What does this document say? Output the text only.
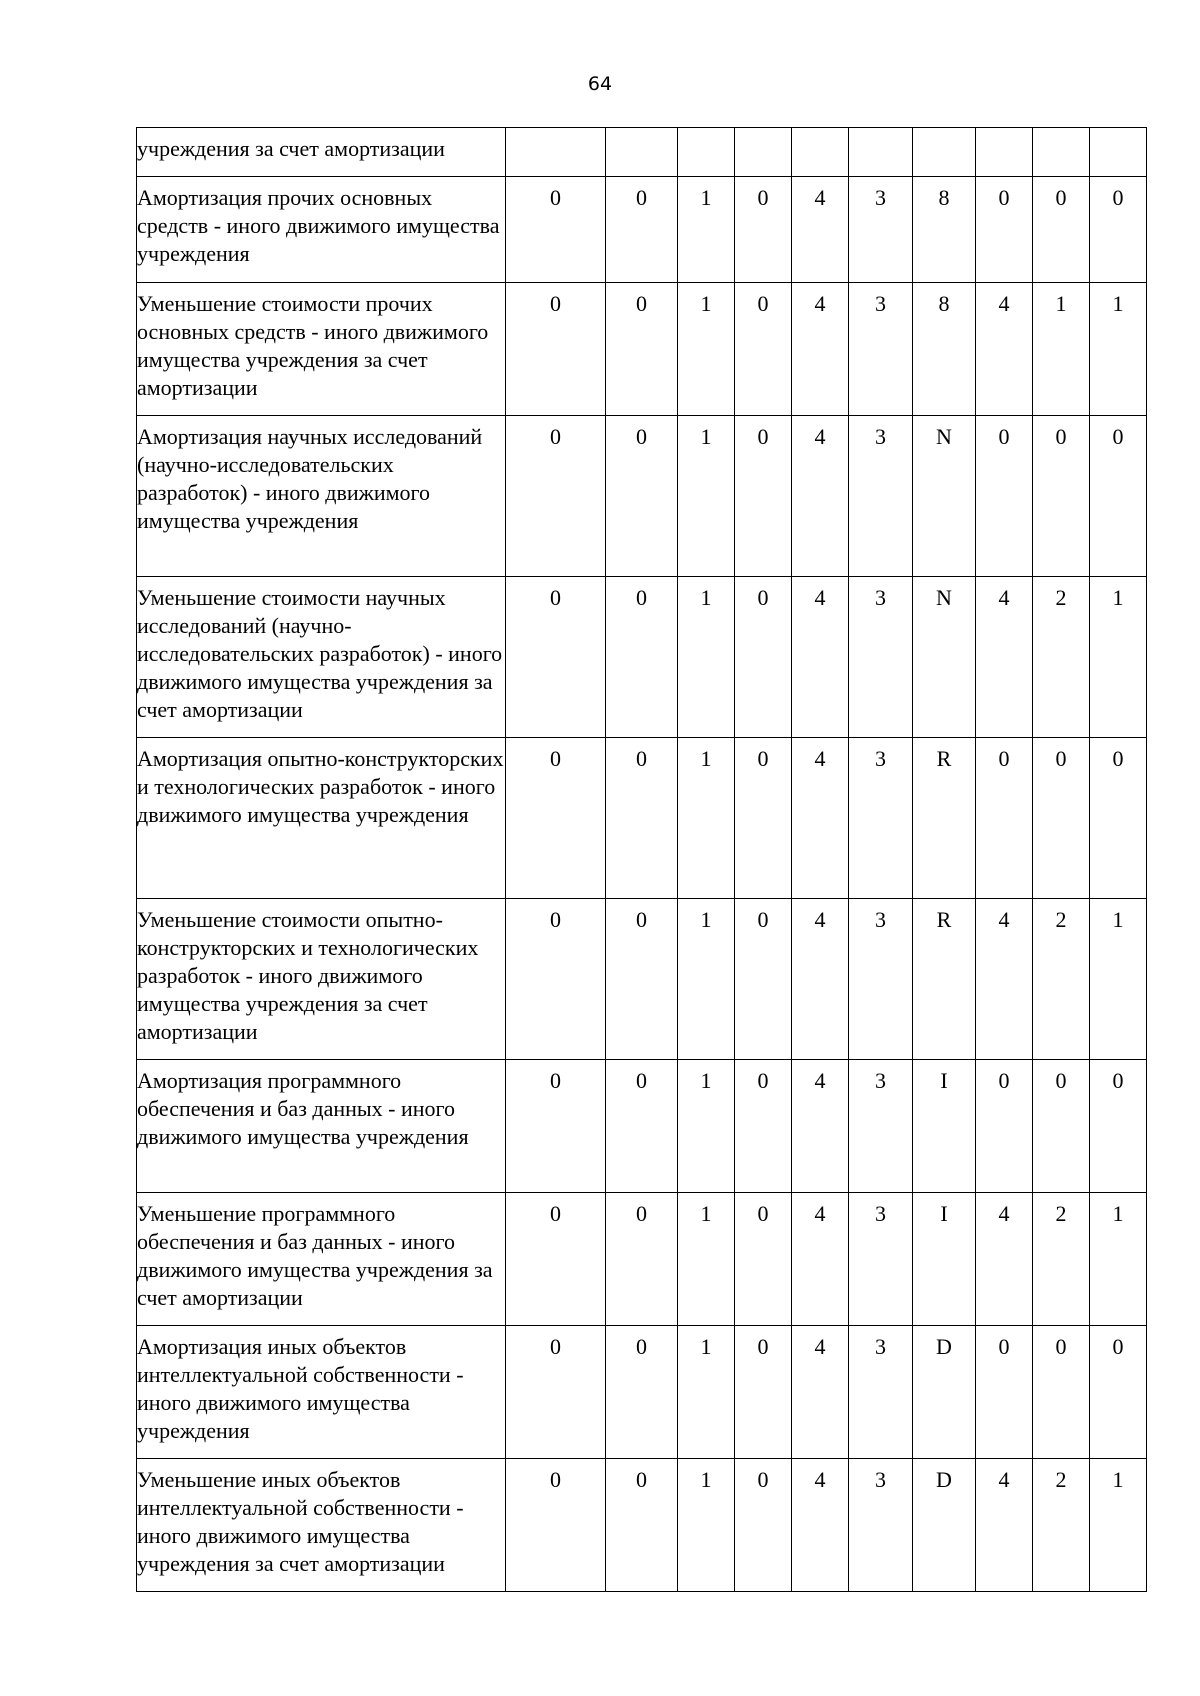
64
учреждения за счет амортизации										
Амортизация прочих основных средств - иного движимого имущества учреждения	0	0	1	0	4	3	8	0	0	0
Уменьшение стоимости прочих основных средств - иного движимого имущества учреждения за счет амортизации	0	0	1	0	4	3	8	4	1	1
Амортизация научных исследований (научно-исследовательских разработок) - иного движимого имущества учреждения	0	0	1	0	4	3	N	0	0	0
Уменьшение стоимости научных исследований (научно-исследовательских разработок) - иного движимого имущества учреждения за счет амортизации	0	0	1	0	4	3	N	4	2	1
Амортизация опытно-конструкторских и технологических разработок - иного движимого имущества учреждения	0	0	1	0	4	3	R	0	0	0
Уменьшение стоимости опытно-конструкторских и технологических разработок - иного движимого имущества учреждения за счет амортизации	0	0	1	0	4	3	R	4	2	1
Амортизация программного обеспечения и баз данных - иного движимого имущества учреждения	0	0	1	0	4	3	I	0	0	0
Уменьшение программного обеспечения и баз данных - иного движимого имущества учреждения за счет амортизации	0	0	1	0	4	3	I	4	2	1
Амортизация иных объектов интеллектуальной собственности - иного движимого имущества учреждения	0	0	1	0	4	3	D	0	0	0
Уменьшение иных объектов интеллектуальной собственности - иного движимого имущества учреждения за счет амортизации	0	0	1	0	4	3	D	4	2	1
